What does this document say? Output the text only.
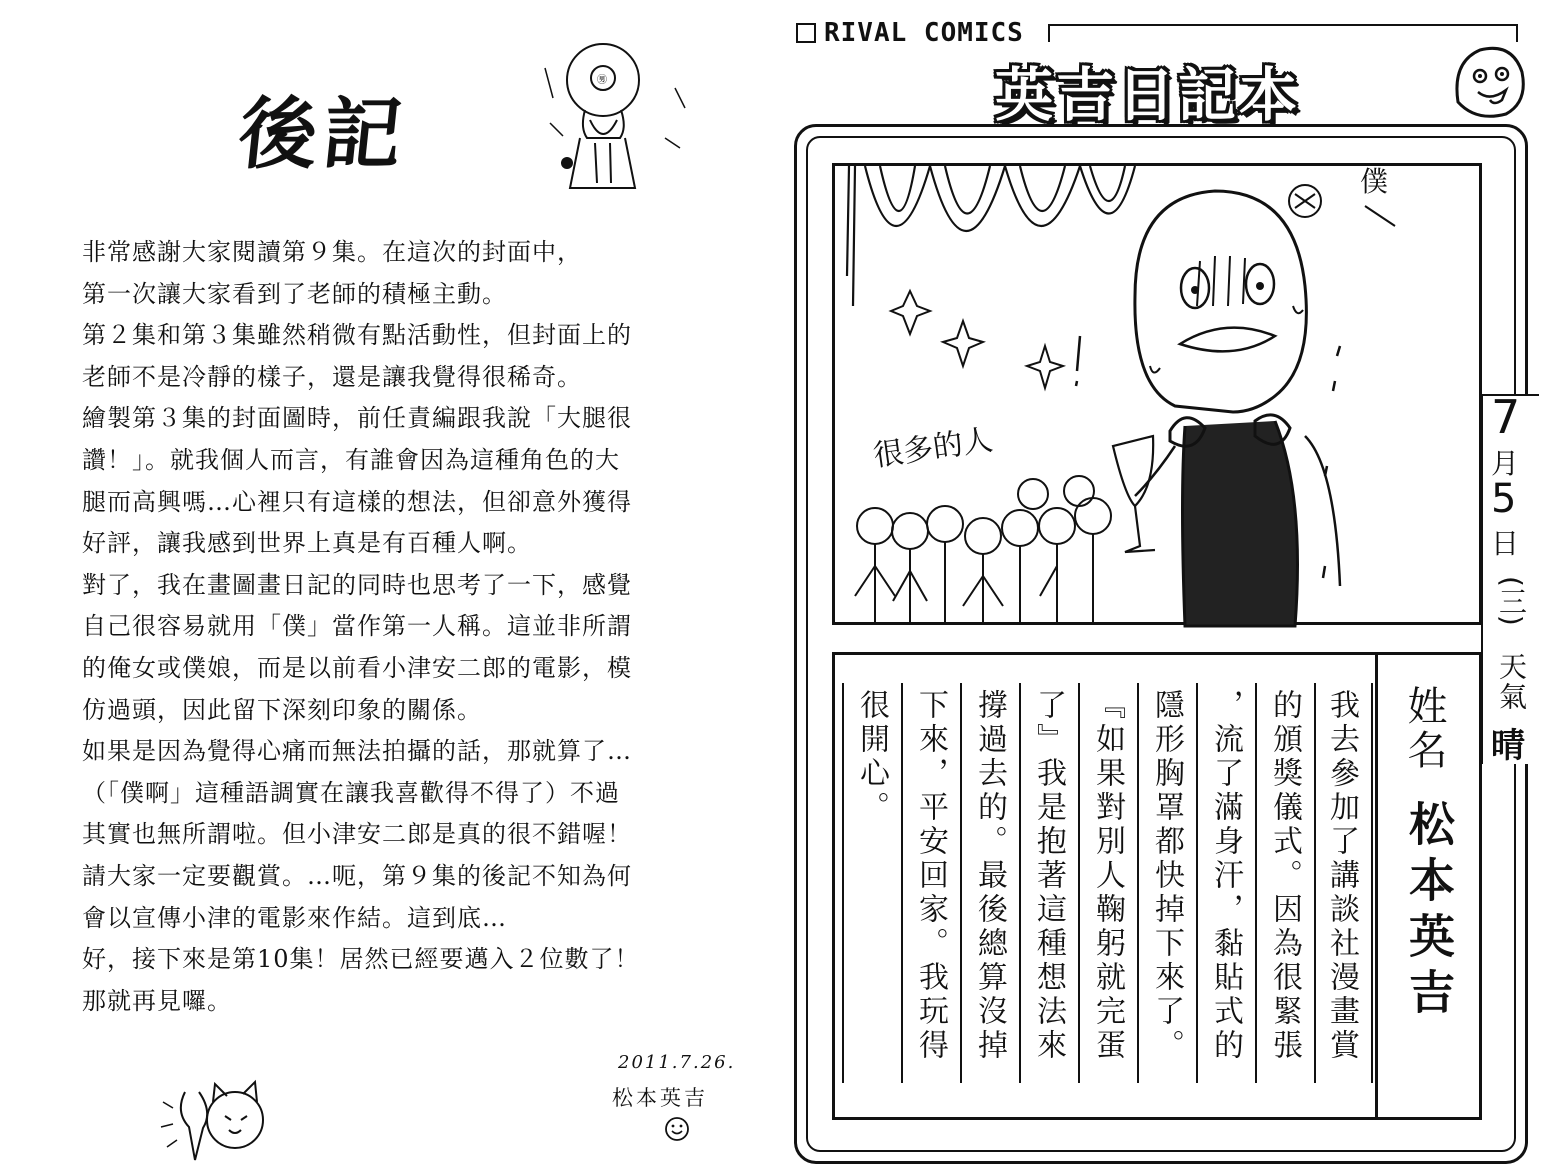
後記
㊚
非常感謝大家閱讀第９集。在這次的封面中，
第一次讓大家看到了老師的積極主動。
第２集和第３集雖然稍微有點活動性，但封面上的
老師不是冷靜的樣子，還是讓我覺得很稀奇。
繪製第３集的封面圖時，前任責編跟我說「大腿很
讚！」。就我個人而言，有誰會因為這種角色的大
腿而高興嗎…心裡只有這樣的想法，但卻意外獲得
好評，讓我感到世界上真是有百種人啊。
對了，我在畫圖畫日記的同時也思考了一下，感覺
自己很容易就用「僕」當作第一人稱。這並非所謂
的俺女或僕娘，而是以前看小津安二郎的電影，模
仿過頭，因此留下深刻印象的關係。
如果是因為覺得心痛而無法拍攝的話，那就算了…
（「僕啊」這種語調實在讓我喜歡得不得了）不過
其實也無所謂啦。但小津安二郎是真的很不錯喔！
請大家一定要觀賞。…呃，第９集的後記不知為何
會以宣傳小津的電影來作結。這到底…
好，接下來是第10集！居然已經要邁入２位數了！
那就再見囉。
2011.7.26.
松本英吉
RIVAL COMICS
英吉日記本
很多的人
僕
7
月
5
日
(三)
天氣
晴
我去參加了講談社漫畫賞
的頒獎儀式。因為很緊張
，流了滿身汗，黏貼式的
隱形胸罩都快掉下來了。
『如果對別人鞠躬就完蛋
了』我是抱著這種想法來
撐過去的。最後總算沒掉
下來，平安回家。我玩得
很開心。	姓名
松本英吉
